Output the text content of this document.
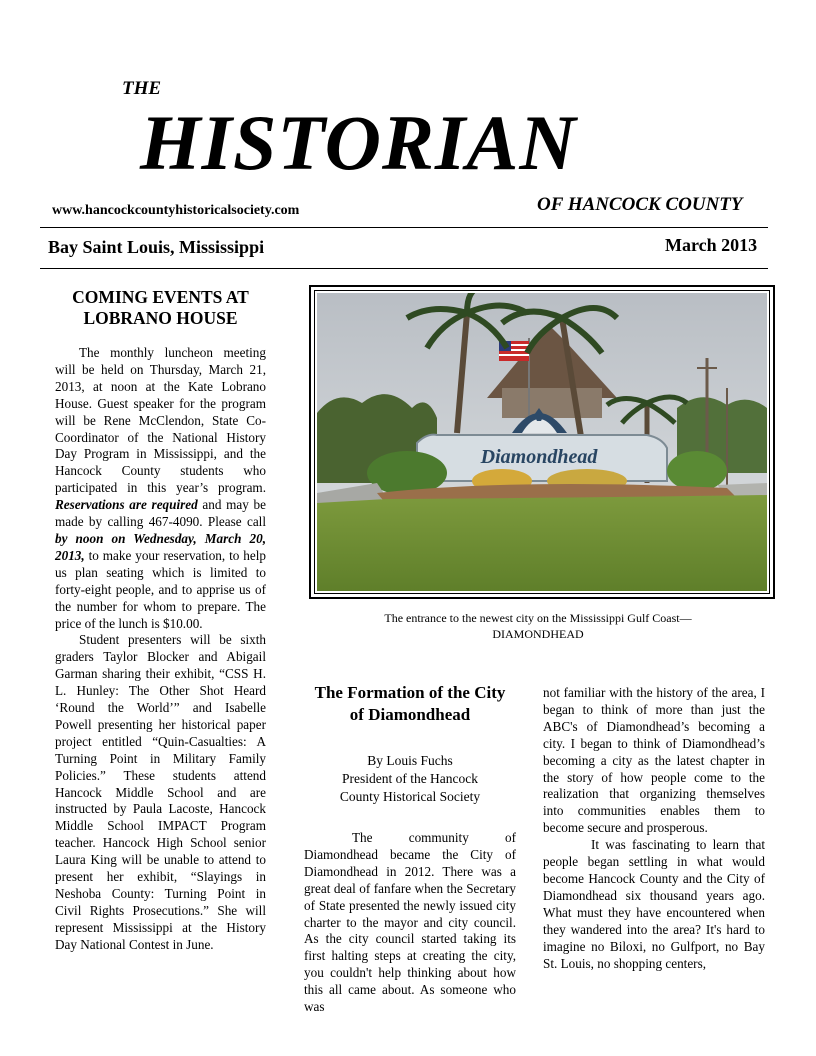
THE
HISTORIAN
www.hancockcountyhistoricalsociety.com	OF HANCOCK COUNTY
Bay Saint Louis, Mississippi	March 2013
COMING EVENTS AT
LOBRANO HOUSE

The monthly luncheon meeting will be held on Thursday, March 21, 2013, at noon at the Kate Lobrano House. Guest speaker for the program will be Rene McClendon, State Co-Coordinator of the National History Day Program in Mississippi, and the Hancock County students who participated in this year’s program. Reservations are required and may be made by calling 467-4090. Please call by noon on Wednesday, March 20, 2013, to make your reservation, to help us plan seating which is limited to forty-eight people, and to apprise us of the number for whom to prepare. The price of the lunch is $10.00.

Student presenters will be sixth graders Taylor Blocker and Abigail Garman sharing their exhibit, “CSS H. L. Hunley: The Other Shot Heard ‘Round the World’” and Isabelle Powell presenting her historical paper project entitled “Quin-Casualties: A Turning Point in Military Family Policies.” These students attend Hancock Middle School and are instructed by Paula Lacoste, Hancock Middle School IMPACT Program teacher. Hancock High School senior Laura King will be unable to attend to present her exhibit, “Slayings in Neshoba County: Turning Point in Civil Rights Prosecutions.” She will represent Mississippi at the History Day National Contest in June.

Diamondhead
The entrance to the newest city on the Mississippi Gulf Coast—
DIAMONDHEAD
The Formation of the City
of Diamondhead
By Louis Fuchs
President of the Hancock
County Historical Society

The community of Diamondhead became the City of Diamondhead in 2012. There was a great deal of fanfare when the Secretary of State presented the newly issued city charter to the mayor and city council. As the city council started taking its first halting steps at creating the city, you couldn't help thinking about how this all came about. As someone who was

not familiar with the history of the area, I began to think of more than just the ABC's of Diamondhead’s becoming a city. I began to think of Diamondhead’s becoming a city as the latest chapter in the story of how people come to the realization that organizing themselves into communities enables them to become secure and prosperous.

It was fascinating to learn that people began settling in what would become Hancock County and the City of Diamondhead six thousand years ago. What must they have encountered when they wandered into the area? It's hard to imagine no Biloxi, no Gulfport, no Bay St. Louis, no shopping centers,
